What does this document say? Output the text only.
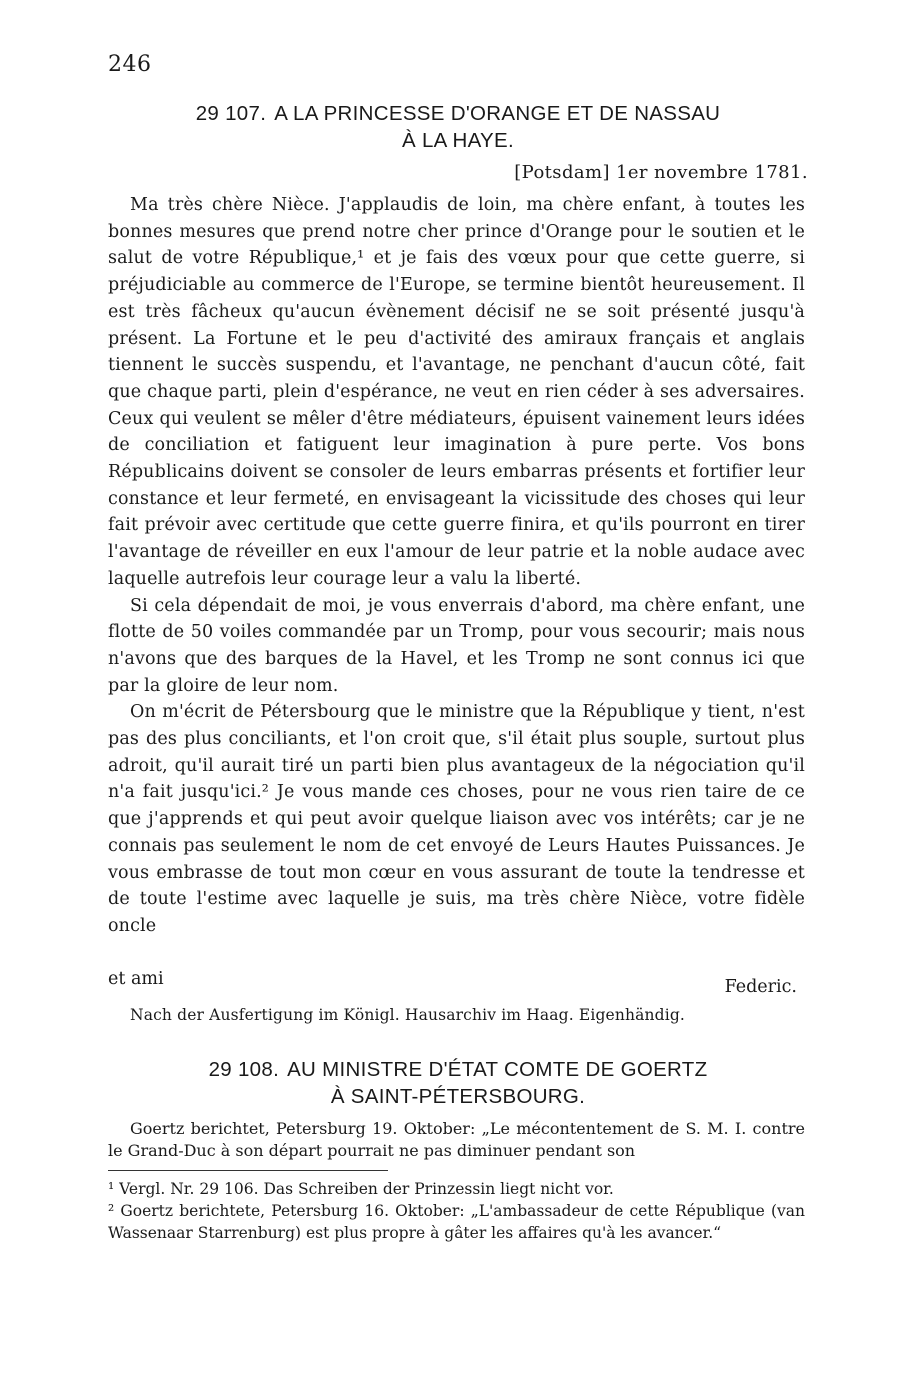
246
29 107. A LA PRINCESSE D'ORANGE ET DE NASSAU
À LA HAYE.
[Potsdam] 1er novembre 1781.

Ma très chère Nièce. J'applaudis de loin, ma chère enfant, à toutes les bonnes mesures que prend notre cher prince d'Orange pour le soutien et le salut de votre République,¹ et je fais des vœux pour que cette guerre, si préjudiciable au commerce de l'Europe, se termine bientôt heureusement. Il est très fâcheux qu'aucun évènement décisif ne se soit présenté jusqu'à présent. La Fortune et le peu d'activité des amiraux français et anglais tiennent le succès suspendu, et l'avantage, ne penchant d'aucun côté, fait que chaque parti, plein d'espérance, ne veut en rien céder à ses adversaires. Ceux qui veulent se mêler d'être médiateurs, épuisent vainement leurs idées de conciliation et fatiguent leur imagination à pure perte. Vos bons Républicains doivent se consoler de leurs embarras présents et fortifier leur constance et leur fermeté, en envisageant la vicissitude des choses qui leur fait prévoir avec certitude que cette guerre finira, et qu'ils pourront en tirer l'avantage de réveiller en eux l'amour de leur patrie et la noble audace avec laquelle autrefois leur courage leur a valu la liberté.

Si cela dépendait de moi, je vous enverrais d'abord, ma chère enfant, une flotte de 50 voiles commandée par un Tromp, pour vous secourir; mais nous n'avons que des barques de la Havel, et les Tromp ne sont connus ici que par la gloire de leur nom.

On m'écrit de Pétersbourg que le ministre que la République y tient, n'est pas des plus conciliants, et l'on croit que, s'il était plus souple, surtout plus adroit, qu'il aurait tiré un parti bien plus avantageux de la négociation qu'il n'a fait jusqu'ici.² Je vous mande ces choses, pour ne vous rien taire de ce que j'apprends et qui peut avoir quelque liaison avec vos intérêts; car je ne connais pas seulement le nom de cet envoyé de Leurs Hautes Puissances. Je vous embrasse de tout mon cœur en vous assurant de toute la tendresse et de toute l'estime avec laquelle je suis, ma très chère Nièce, votre fidèle oncle

et ami	Federic.
Nach der Ausfertigung im Königl. Hausarchiv im Haag. Eigenhändig.
29 108. AU MINISTRE D'ÉTAT COMTE DE GOERTZ
À SAINT-PÉTERSBOURG.

Goertz berichtet, Petersburg 19. Oktober: „Le mécontentement de S. M. I. contre le Grand-Duc à son départ pourrait ne pas diminuer pendant son

¹ Vergl. Nr. 29 106. Das Schreiben der Prinzessin liegt nicht vor.

² Goertz berichtete, Petersburg 16. Oktober: „L'ambassadeur de cette République (van Wassenaar Starrenburg) est plus propre à gâter les affaires qu'à les avancer.“
